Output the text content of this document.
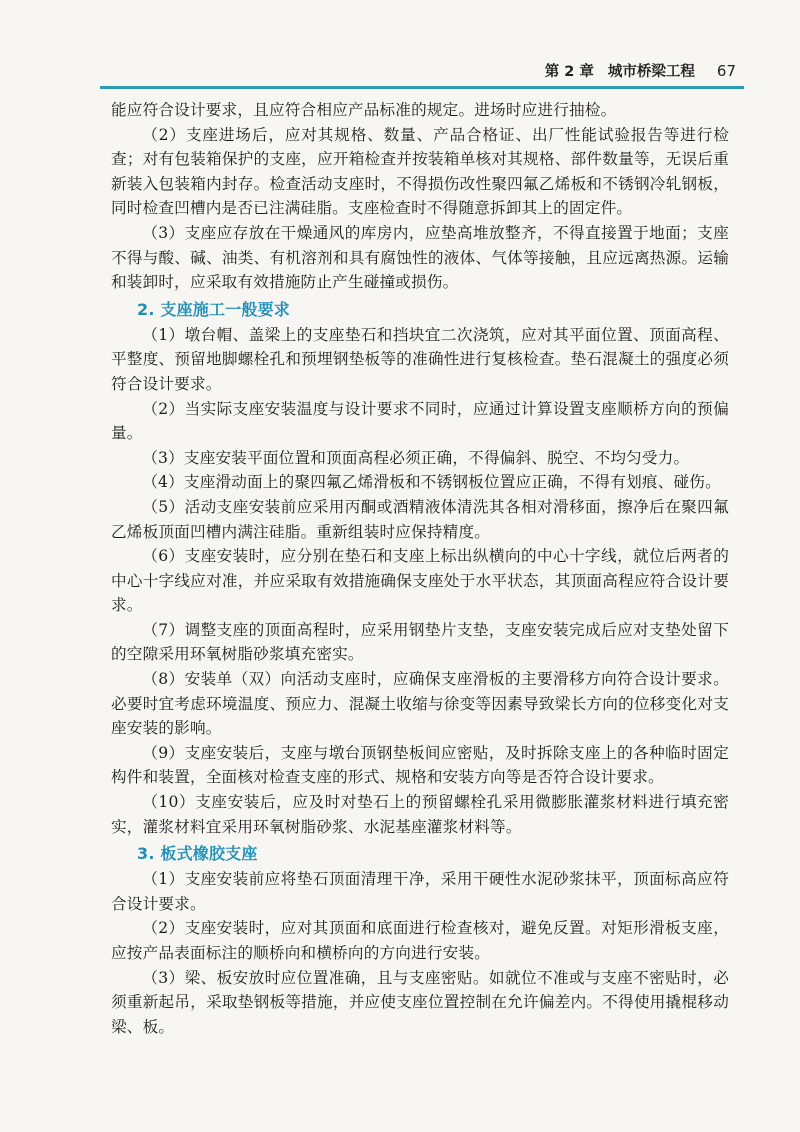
第 2 章 城市桥梁工程 67

能应符合设计要求，且应符合相应产品标准的规定。进场时应进行抽检。

（2）支座进场后，应对其规格、数量、产品合格证、出厂性能试验报告等进行检查；对有包装箱保护的支座，应开箱检查并按装箱单核对其规格、部件数量等，无误后重新装入包装箱内封存。检查活动支座时，不得损伤改性聚四氟乙烯板和不锈钢冷轧钢板，同时检查凹槽内是否已注满硅脂。支座检查时不得随意拆卸其上的固定件。

（3）支座应存放在干燥通风的库房内，应垫高堆放整齐，不得直接置于地面；支座不得与酸、碱、油类、有机溶剂和具有腐蚀性的液体、气体等接触，且应远离热源。运输和装卸时，应采取有效措施防止产生碰撞或损伤。

2. 支座施工一般要求

（1）墩台帽、盖梁上的支座垫石和挡块宜二次浇筑，应对其平面位置、顶面高程、平整度、预留地脚螺栓孔和预埋钢垫板等的准确性进行复核检查。垫石混凝土的强度必须符合设计要求。

（2）当实际支座安装温度与设计要求不同时，应通过计算设置支座顺桥方向的预偏量。

（3）支座安装平面位置和顶面高程必须正确，不得偏斜、脱空、不均匀受力。

（4）支座滑动面上的聚四氟乙烯滑板和不锈钢板位置应正确，不得有划痕、碰伤。

（5）活动支座安装前应采用丙酮或酒精液体清洗其各相对滑移面，擦净后在聚四氟乙烯板顶面凹槽内满注硅脂。重新组装时应保持精度。

（6）支座安装时，应分别在垫石和支座上标出纵横向的中心十字线，就位后两者的中心十字线应对准，并应采取有效措施确保支座处于水平状态，其顶面高程应符合设计要求。

（7）调整支座的顶面高程时，应采用钢垫片支垫，支座安装完成后应对支垫处留下的空隙采用环氧树脂砂浆填充密实。

（8）安装单（双）向活动支座时，应确保支座滑板的主要滑移方向符合设计要求。必要时宜考虑环境温度、预应力、混凝土收缩与徐变等因素导致梁长方向的位移变化对支座安装的影响。

（9）支座安装后，支座与墩台顶钢垫板间应密贴，及时拆除支座上的各种临时固定构件和装置，全面核对检查支座的形式、规格和安装方向等是否符合设计要求。

（10）支座安装后，应及时对垫石上的预留螺栓孔采用微膨胀灌浆材料进行填充密实，灌浆材料宜采用环氧树脂砂浆、水泥基座灌浆材料等。

3. 板式橡胶支座

（1）支座安装前应将垫石顶面清理干净，采用干硬性水泥砂浆抹平，顶面标高应符合设计要求。

（2）支座安装时，应对其顶面和底面进行检查核对，避免反置。对矩形滑板支座，应按产品表面标注的顺桥向和横桥向的方向进行安装。

（3）梁、板安放时应位置准确，且与支座密贴。如就位不准或与支座不密贴时，必须重新起吊，采取垫钢板等措施，并应使支座位置控制在允许偏差内。不得使用撬棍移动梁、板。
